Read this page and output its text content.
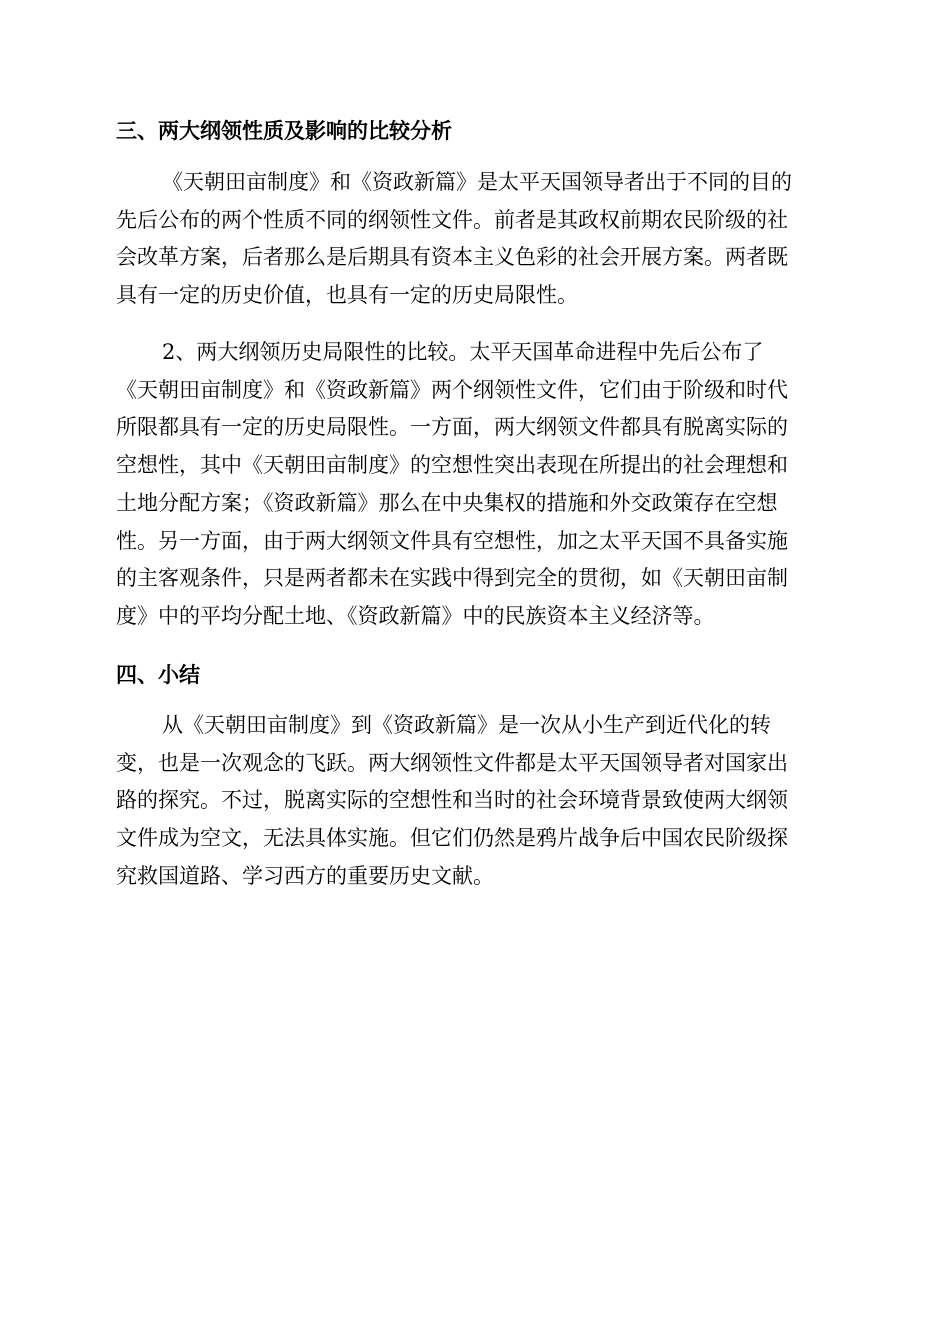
三、两大纲领性质及影响的比较分析
《天朝田亩制度》和《资政新篇》是太平天国领导者出于不同的目的
先后公布的两个性质不同的纲领性文件。前者是其政权前期农民阶级的社
会改革方案，后者那么是后期具有资本主义色彩的社会开展方案。两者既
具有一定的历史价值，也具有一定的历史局限性。
2、两大纲领历史局限性的比较。太平天国革命进程中先后公布了
《天朝田亩制度》和《资政新篇》两个纲领性文件，它们由于阶级和时代
所限都具有一定的历史局限性。一方面，两大纲领文件都具有脱离实际的
空想性，其中《天朝田亩制度》的空想性突出表现在所提出的社会理想和
土地分配方案；《资政新篇》那么在中央集权的措施和外交政策存在空想
性。另一方面，由于两大纲领文件具有空想性，加之太平天国不具备实施
的主客观条件，只是两者都未在实践中得到完全的贯彻，如《天朝田亩制
度》中的平均分配土地、《资政新篇》中的民族资本主义经济等。
四、小结
从《天朝田亩制度》到《资政新篇》是一次从小生产到近代化的转
变，也是一次观念的飞跃。两大纲领性文件都是太平天国领导者对国家出
路的探究。不过，脱离实际的空想性和当时的社会环境背景致使两大纲领
文件成为空文，无法具体实施。但它们仍然是鸦片战争后中国农民阶级探
究救国道路、学习西方的重要历史文献。
